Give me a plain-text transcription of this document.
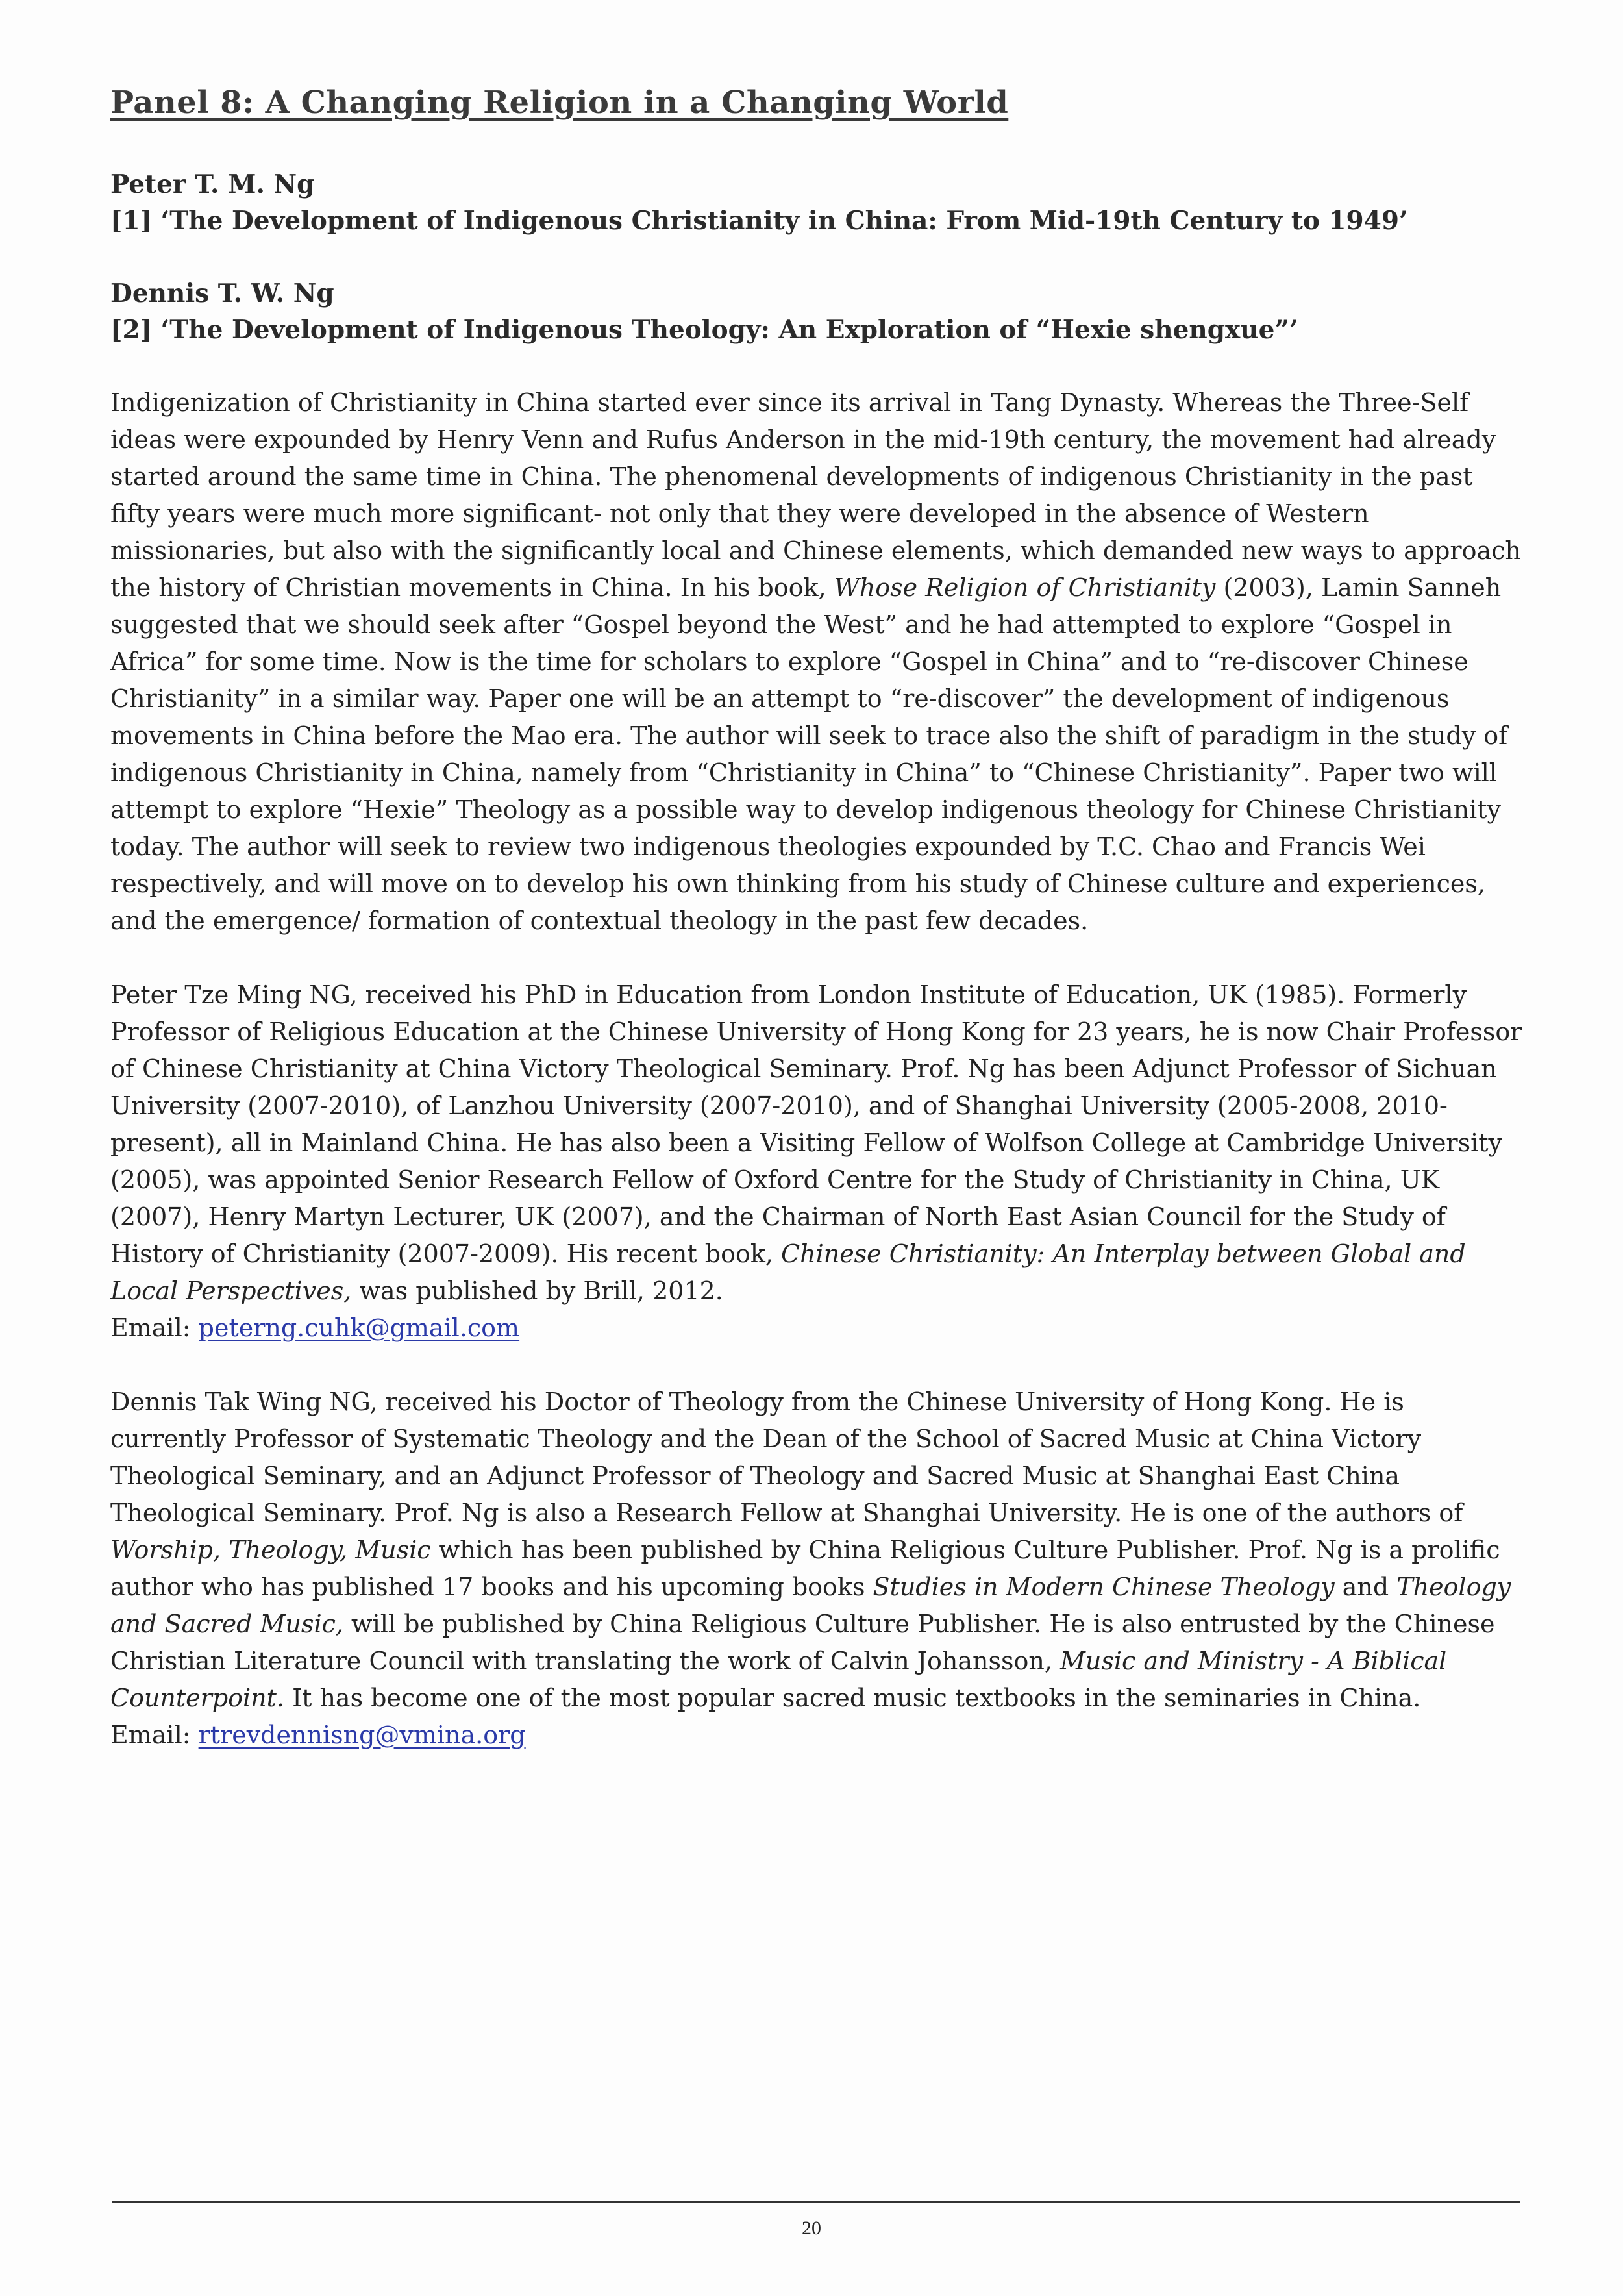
Panel 8: A Changing Religion in a Changing World

Peter T. M. Ng

[1] ‘The Development of Indigenous Christianity in China: From Mid-19th Century to 1949’

Dennis T. W. Ng

[2] ‘The Development of Indigenous Theology: An Exploration of “Hexie shengxue”’

Indigenization of Christianity in China started ever since its arrival in Tang Dynasty. Whereas the Three-Self ideas were expounded by Henry Venn and Rufus Anderson in the mid-19th century, the movement had already started around the same time in China. The phenomenal developments of indigenous Christianity in the past fifty years were much more significant- not only that they were developed in the absence of Western missionaries, but also with the significantly local and Chinese elements, which demanded new ways to approach the history of Christian movements in China. In his book, Whose Religion of Christianity (2003), Lamin Sanneh suggested that we should seek after “Gospel beyond the West” and he had attempted to explore “Gospel in Africa” for some time. Now is the time for scholars to explore “Gospel in China” and to “re-discover Chinese Christianity” in a similar way. Paper one will be an attempt to “re-discover” the development of indigenous movements in China before the Mao era. The author will seek to trace also the shift of paradigm in the study of indigenous Christianity in China, namely from “Christianity in China” to “Chinese Christianity”. Paper two will attempt to explore “Hexie” Theology as a possible way to develop indigenous theology for Chinese Christianity today. The author will seek to review two indigenous theologies expounded by T.C. Chao and Francis Wei respectively, and will move on to develop his own thinking from his study of Chinese culture and experiences, and the emergence/ formation of contextual theology in the past few decades.

Peter Tze Ming NG, received his PhD in Education from London Institute of Education, UK (1985). Formerly Professor of Religious Education at the Chinese University of Hong Kong for 23 years, he is now Chair Professor of Chinese Christianity at China Victory Theological Seminary. Prof. Ng has been Adjunct Professor of Sichuan University (2007-2010), of Lanzhou University (2007-2010), and of Shanghai University (2005-2008, 2010- present), all in Mainland China. He has also been a Visiting Fellow of Wolfson College at Cambridge University (2005), was appointed Senior Research Fellow of Oxford Centre for the Study of Christianity in China, UK (2007), Henry Martyn Lecturer, UK (2007), and the Chairman of North East Asian Council for the Study of History of Christianity (2007-2009). His recent book, Chinese Christianity: An Interplay between Global and Local Perspectives, was published by Brill, 2012.
Email: peterng.cuhk@gmail.com

Dennis Tak Wing NG, received his Doctor of Theology from the Chinese University of Hong Kong. He is currently Professor of Systematic Theology and the Dean of the School of Sacred Music at China Victory Theological Seminary, and an Adjunct Professor of Theology and Sacred Music at Shanghai East China Theological Seminary. Prof. Ng is also a Research Fellow at Shanghai University. He is one of the authors of Worship, Theology, Music which has been published by China Religious Culture Publisher. Prof. Ng is a prolific author who has published 17 books and his upcoming books Studies in Modern Chinese Theology and Theology and Sacred Music, will be published by China Religious Culture Publisher. He is also entrusted by the Chinese Christian Literature Council with translating the work of Calvin Johansson, Music and Ministry - A Biblical Counterpoint. It has become one of the most popular sacred music textbooks in the seminaries in China.
Email: rtrevdennisng@vmina.org

20
